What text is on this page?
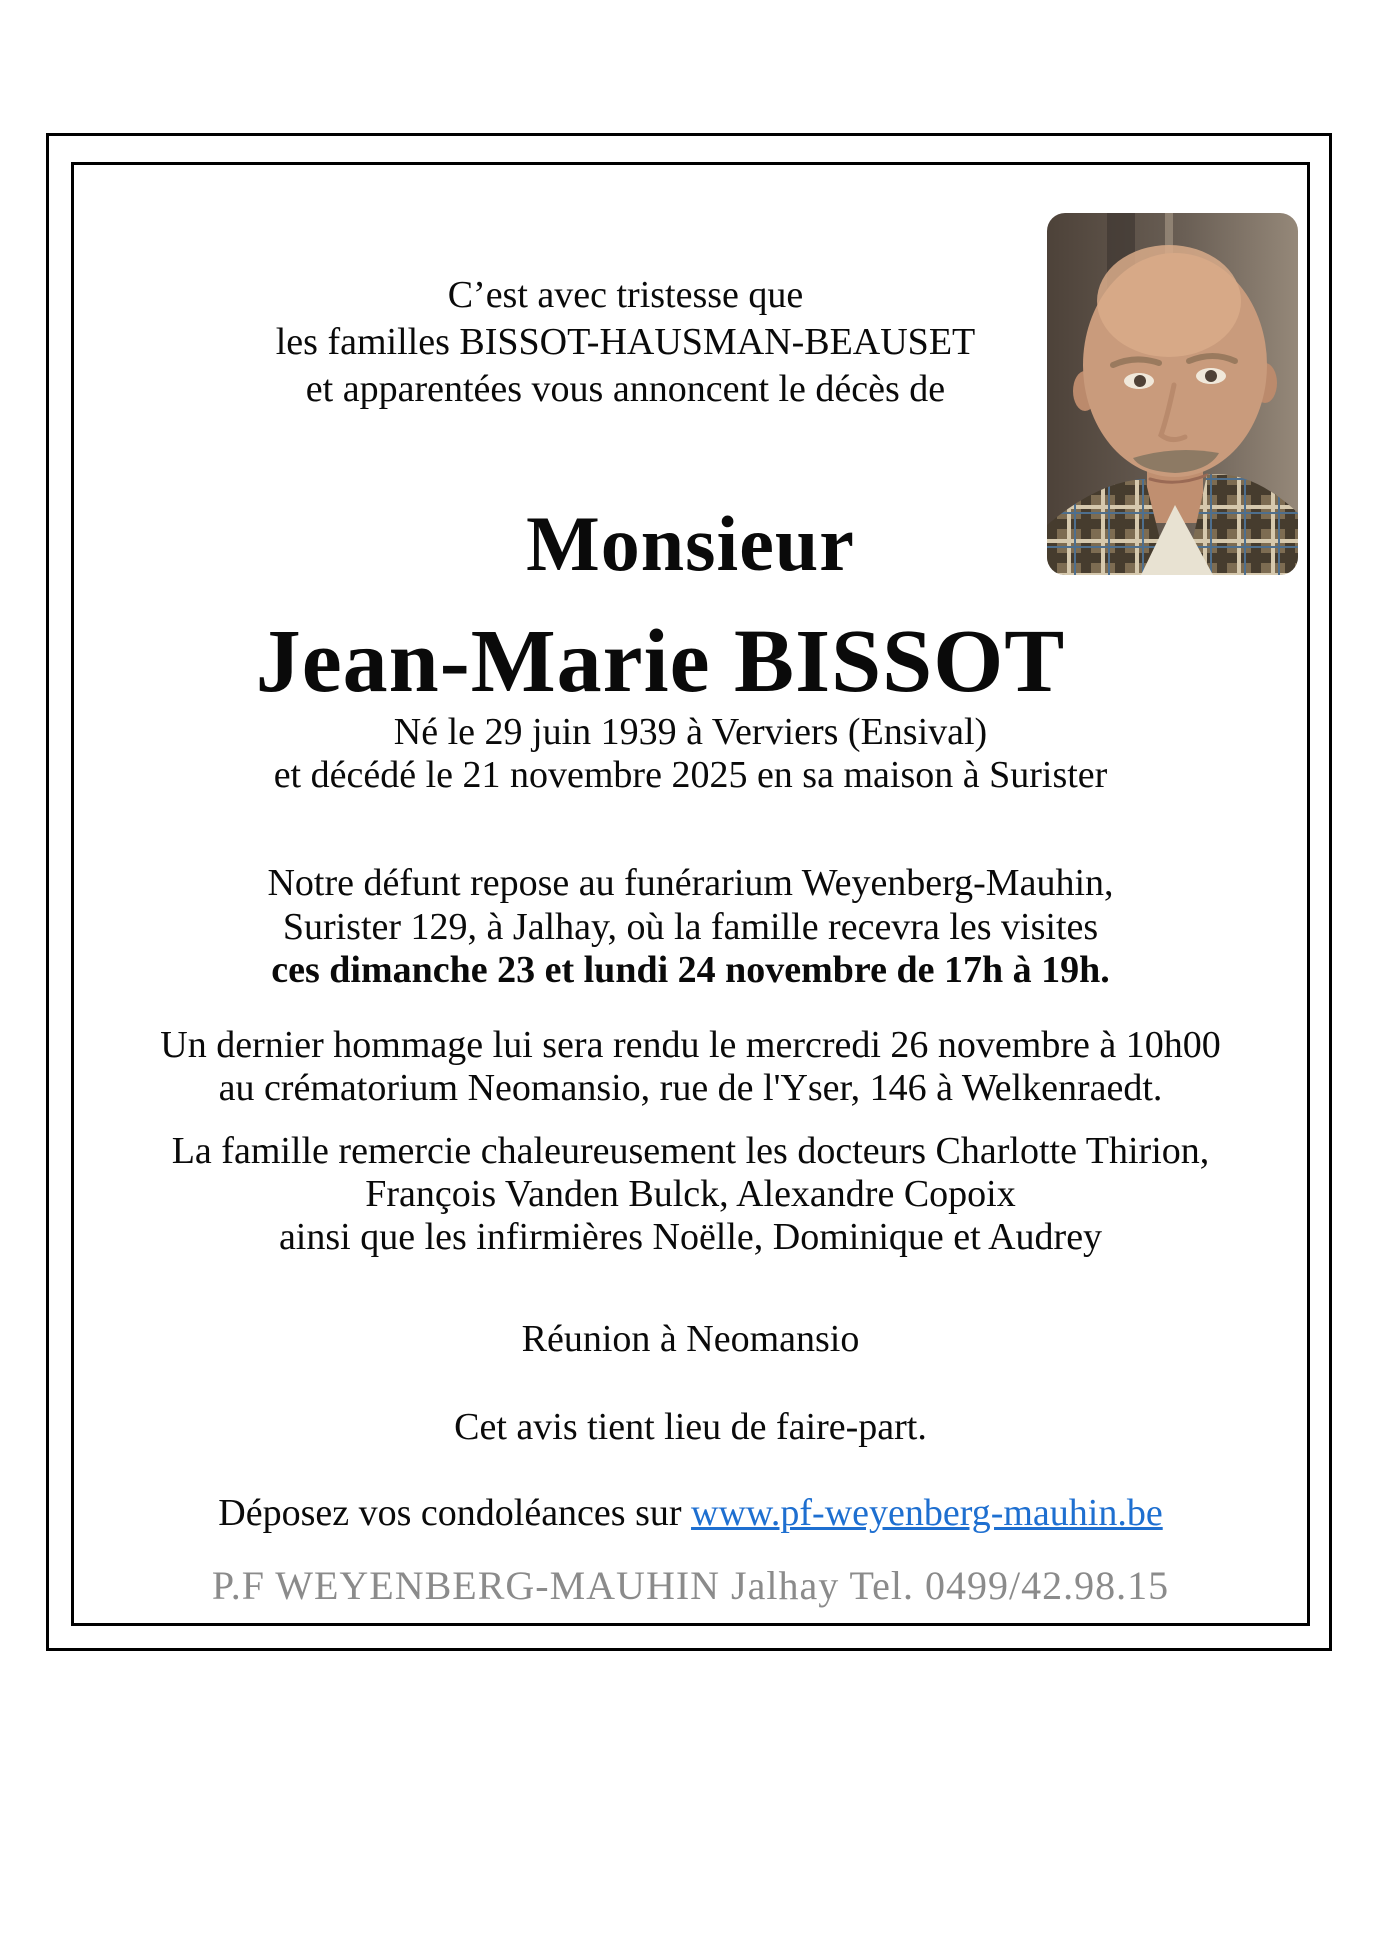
C’est avec tristesse que
les familles BISSOT-HAUSMAN-BEAUSET
et apparentées vous annoncent le décès de
Monsieur
Jean-Marie BISSOT
Né le 29 juin 1939 à Verviers (Ensival)
et décédé le 21 novembre 2025 en sa maison à Surister
Notre défunt repose au funérarium Weyenberg-Mauhin,
Surister 129, à Jalhay, où la famille recevra les visites
ces dimanche 23 et lundi 24 novembre de 17h à 19h.
Un dernier hommage lui sera rendu le mercredi 26 novembre à 10h00
au crématorium Neomansio, rue de l'Yser, 146 à Welkenraedt.
La famille remercie chaleureusement les docteurs Charlotte Thirion,
François Vanden Bulck, Alexandre Copoix
ainsi que les infirmières Noëlle, Dominique et Audrey
Réunion à Neomansio
Cet avis tient lieu de faire-part.
Déposez vos condoléances sur www.pf-weyenberg-mauhin.be
P.F WEYENBERG-MAUHIN Jalhay Tel. 0499/42.98.15
